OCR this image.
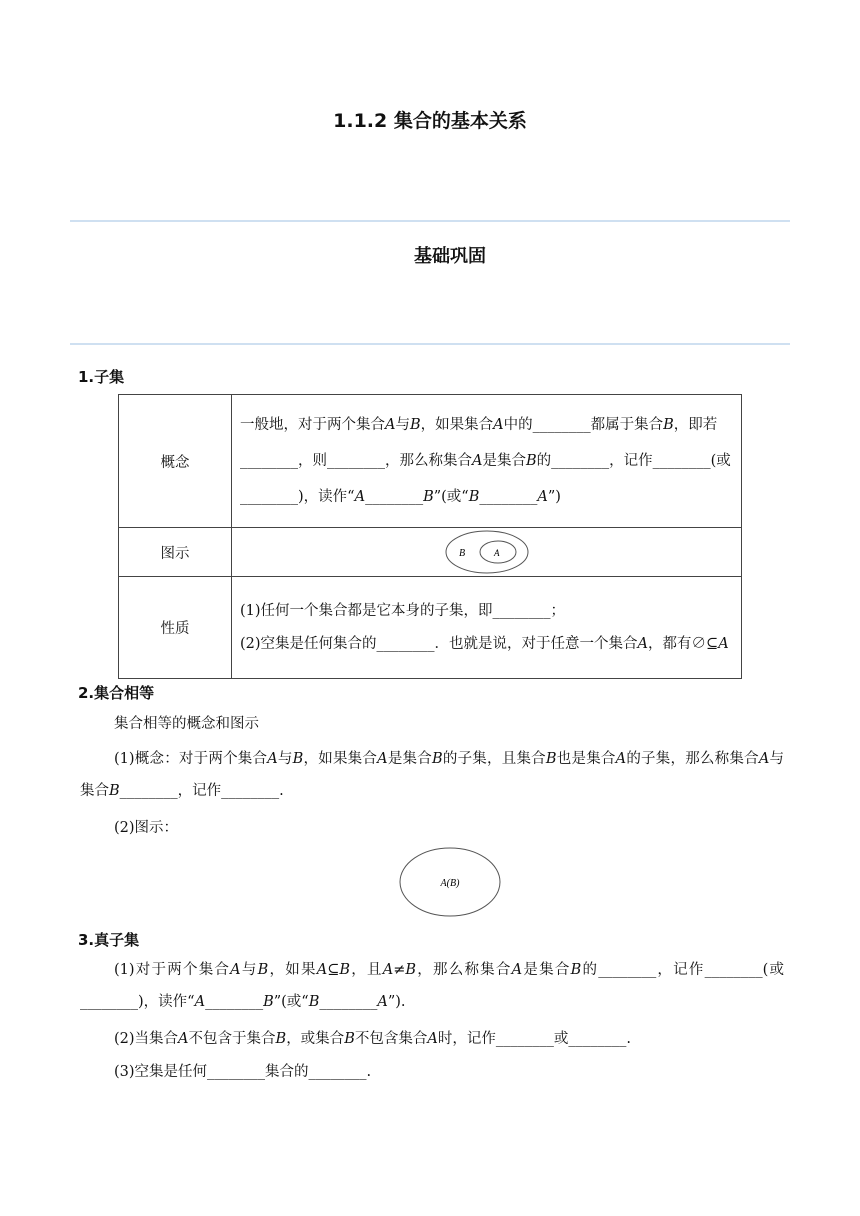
1.1.2 集合的基本关系
基础巩固
1.子集
概念	一般地，对于两个集合A与B，如果集合A中的________都属于集合B，即若________，则________，那么称集合A是集合B的________，记作________(或________)，读作“A________B”(或“B________A”)
图示	B A

性质	(1)任何一个集合都是它本身的子集，即________；
(2)空集是任何集合的________．也就是说，对于任意一个集合A，都有∅⊆A
2.集合相等
集合相等的概念和图示
(1)概念：对于两个集合A与B，如果集合A是集合B的子集，且集合B也是集合A的子集，那么称集合A与集合B________，记作________.
(2)图示：
A(B)
3.真子集
(1)对于两个集合A与B，如果A⊆B，且A≠B，那么称集合A是集合B的________，记作________(或________)，读作“A________B”(或“B________A”).
(2)当集合A不包含于集合B，或集合B不包含集合A时，记作________或________.
(3)空集是任何________集合的________.
